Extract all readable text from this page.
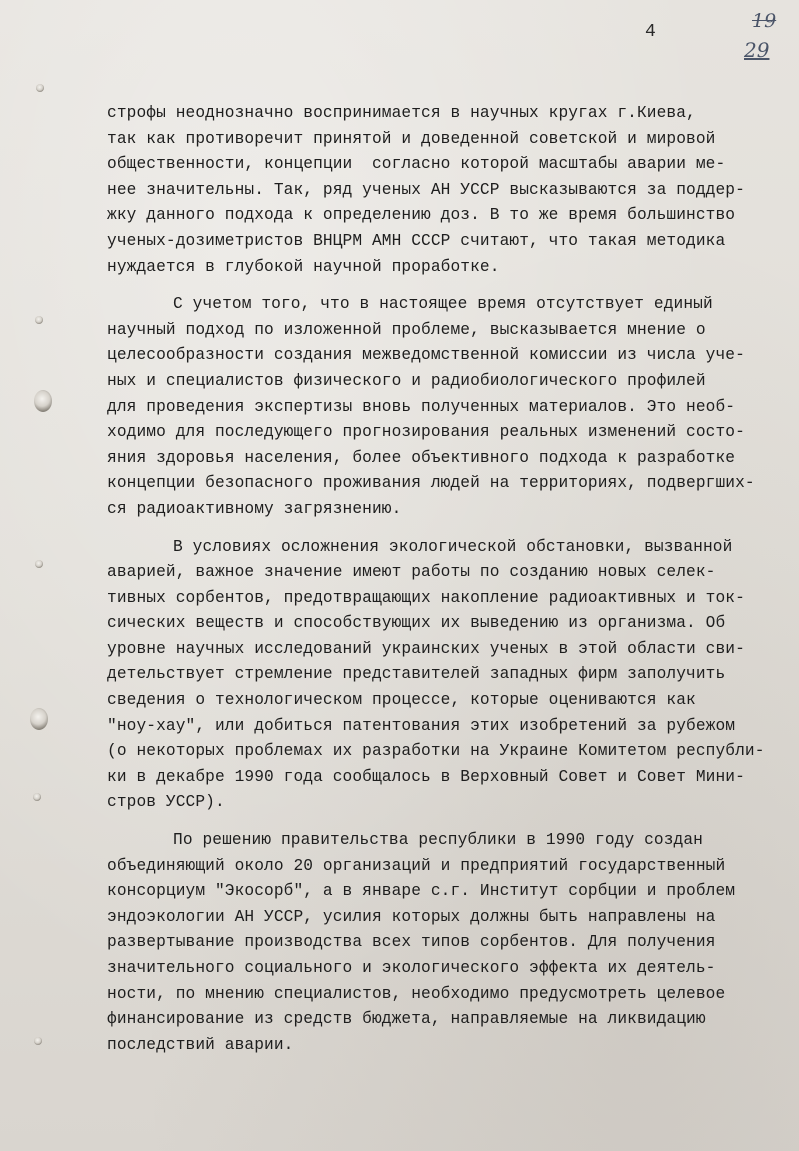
4	19
29
строфы неоднозначно воспринимается в научных кругах г.Киева,
так как противоречит принятой и доведенной советской и мировой
общественности, концепции  согласно которой масштабы аварии ме-
нее значительны. Так, ряд ученых АН УССР высказываются за поддер-
жку данного подхода к определению доз. В то же время большинство
ученых-дозиметристов ВНЦРМ АМН СССР считают, что такая методика
нуждается в глубокой научной проработке.
С учетом того, что в настоящее время отсутствует единый
научный подход по изложенной проблеме, высказывается мнение о
целесообразности создания межведомственной комиссии из числа уче-
ных и специалистов физического и радиобиологического профилей
для проведения экспертизы вновь полученных материалов. Это необ-
ходимо для последующего прогнозирования реальных изменений состо-
яния здоровья населения, более объективного подхода к разработке
концепции безопасного проживания людей на территориях, подвергших-
ся радиоактивному загрязнению.
В условиях осложнения экологической обстановки, вызванной
аварией, важное значение имеют работы по созданию новых селек-
тивных сорбентов, предотвращающих накопление радиоактивных и ток-
сических веществ и способствующих их выведению из организма. Об
уровне научных исследований украинских ученых в этой области сви-
детельствует стремление представителей западных фирм заполучить
сведения о технологическом процессе, которые оцениваются как
"ноу-хау", или добиться патентования этих изобретений за рубежом
(о некоторых проблемах их разработки на Украине Комитетом республи-
ки в декабре 1990 года сообщалось в Верховный Совет и Совет Мини-
стров УССР).
По решению правительства республики в 1990 году создан
объединяющий около 20 организаций и предприятий государственный
консорциум "Экосорб", а в январе с.г. Институт сорбции и проблем
эндоэкологии АН УССР, усилия которых должны быть направлены на
развертывание производства всех типов сорбентов. Для получения
значительного социального и экологического эффекта их деятель-
ности, по мнению специалистов, необходимо предусмотреть целевое
финансирование из средств бюджета, направляемые на ликвидацию
последствий аварии.
